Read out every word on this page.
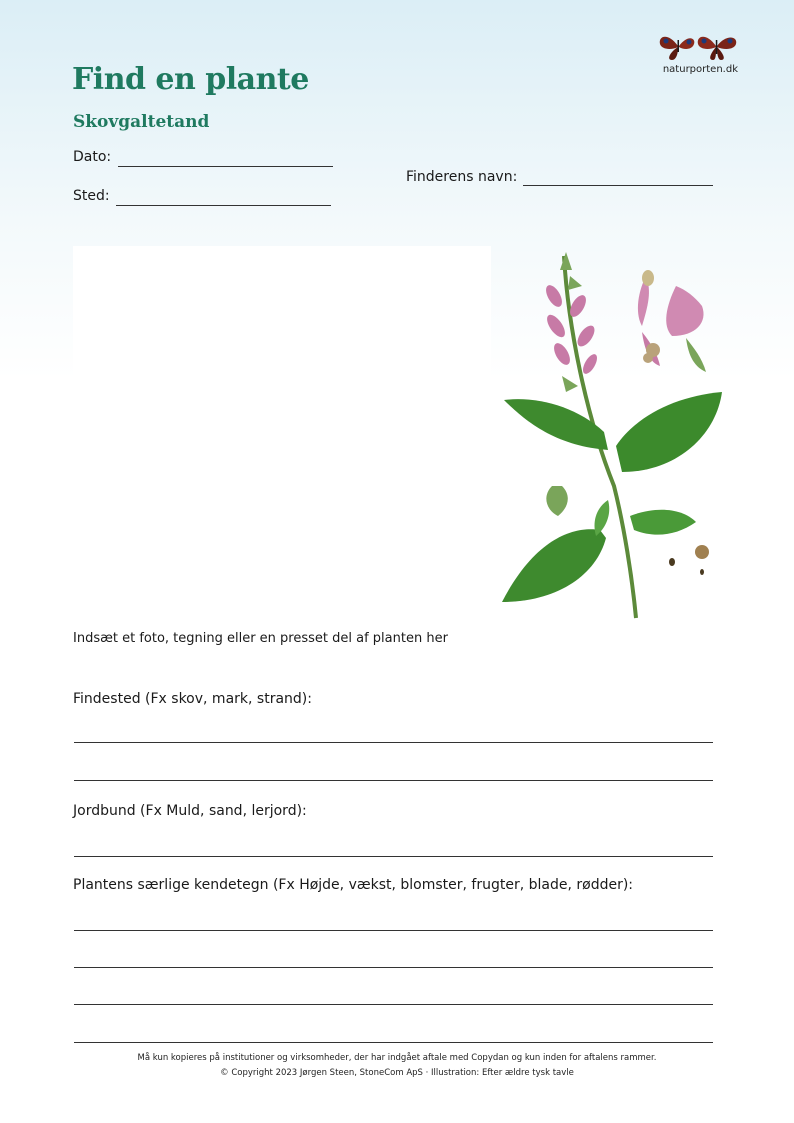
Find en plante
Skovgaltetand
naturporten.dk
Dato:
Sted:
Finderens navn:
Indsæt et foto, tegning eller en presset del af planten her
Findested (Fx skov, mark, strand):
Jordbund (Fx Muld, sand, lerjord):
Plantens særlige kendetegn (Fx Højde, vækst, blomster, frugter, blade, rødder):
Må kun kopieres på institutioner og virksomheder, der har indgået aftale med Copydan og kun inden for aftalens rammer.
© Copyright 2023 Jørgen Steen, StoneCom ApS · Illustration: Efter ældre tysk tavle
